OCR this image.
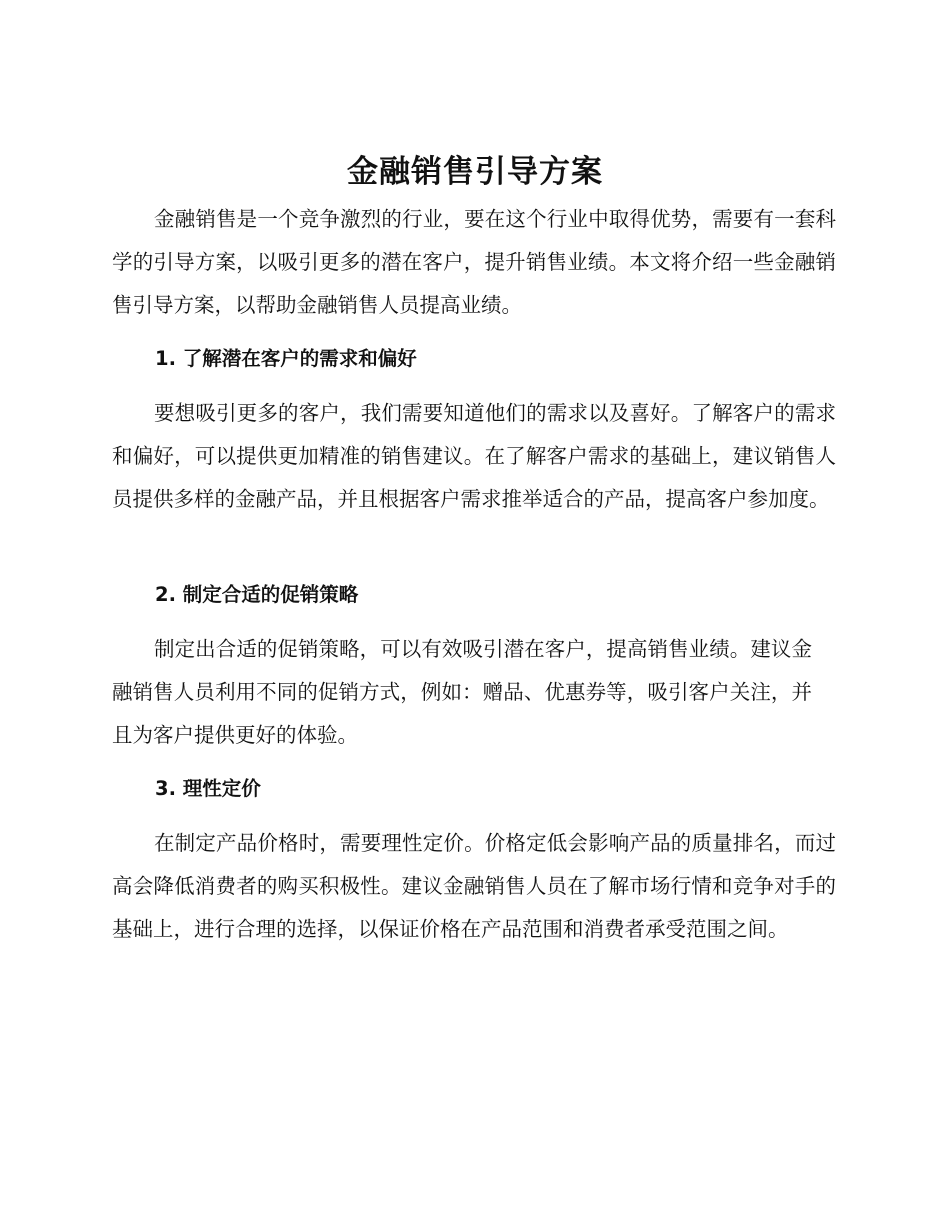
金融销售引导方案

金融销售是一个竞争激烈的行业，要在这个行业中取得优势，需要有一套科学的引导方案，以吸引更多的潜在客户，提升销售业绩。本文将介绍一些金融销售引导方案，以帮助金融销售人员提高业绩。

1. 了解潜在客户的需求和偏好

要想吸引更多的客户，我们需要知道他们的需求以及喜好。了解客户的需求和偏好，可以提供更加精准的销售建议。在了解客户需求的基础上，建议销售人员提供多样的金融产品，并且根据客户需求推举适合的产品，提高客户参加度。

2. 制定合适的促销策略

制定出合适的促销策略，可以有效吸引潜在客户，提高销售业绩。建议金融销售人员利用不同的促销方式，例如：赠品、优惠券等，吸引客户关注，并且为客户提供更好的体验。

3. 理性定价

在制定产品价格时，需要理性定价。价格定低会影响产品的质量排名，而过高会降低消费者的购买积极性。建议金融销售人员在了解市场行情和竞争对手的基础上，进行合理的选择，以保证价格在产品范围和消费者承受范围之间。
